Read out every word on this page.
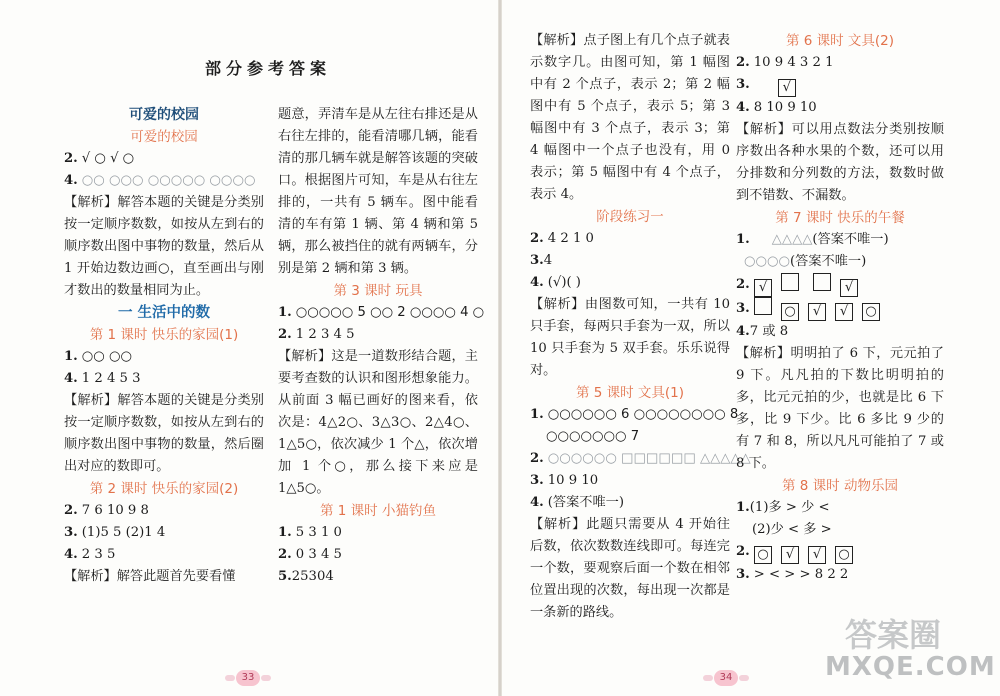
部分参考答案

可爱的校园

可爱的校园

2. √ ○ √ ○

4. ○○ ○○○ ○○○○○ ○○○○

【解析】解答本题的关键是分类别按一定顺序数数，如按从左到右的顺序数出图中事物的数量，然后从 1 开始边数边画○，直至画出与刚才数出的数量相同为止。

一 生活中的数

第 1 课时 快乐的家园(1)

1. ○○ ○○

4. 1 2 4 5 3

【解析】解答本题的关键是分类别按一定顺序数数，如按从左到右的顺序数出图中事物的数量，然后圈出对应的数即可。

第 2 课时 快乐的家园(2)

2. 7 6 10 9 8

3. (1)5 5 (2)1 4

4. 2 3 5

【解析】解答此题首先要看懂

题意，弄清车是从左往右排还是从右往左排的，能看清哪几辆，能看清的那几辆车就是解答该题的突破口。根据图片可知，车是从右往左排的，一共有 5 辆车。图中能看清的车有第 1 辆、第 4 辆和第 5 辆，那么被挡住的就有两辆车，分别是第 2 辆和第 3 辆。

第 3 课时 玩具

1. ○○○○○ 5 ○○ 2 ○○○○ 4 ○

2. 1 2 3 4 5

【解析】这是一道数形结合题，主要考查数的认识和图形想象能力。从前面 3 幅已画好的图来看，依次是：4△2○、3△3○、2△4○、1△5○，依次减少 1 个△，依次增加 1 个○，那么接下来应是 1△5○。

第 1 课时 小猫钓鱼

1. 5 3 1 0

2. 0 3 4 5

5.25304

33

【解析】点子图上有几个点子就表示数字几。由图可知，第 1 幅图中有 2 个点子，表示 2；第 2 幅图中有 5 个点子，表示 5；第 3 幅图中有 3 个点子，表示 3；第 4 幅图中一个点子也没有，用 0 表示；第 5 幅图中有 4 个点子，表示 4。

阶段练习一

2. 4 2 1 0

3.4

4. (√)( )

【解析】由图数可知，一共有 10 只手套，每两只手套为一双，所以 10 只手套为 5 双手套。乐乐说得对。

第 5 课时 文具(1)

1. ○○○○○○ 6 ○○○○○○○○ 8

○○○○○○○ 7

2. ○○○○○○ □□□□□□ △△△△△

3. 10 9 10

4. (答案不唯一)

【解析】此题只需要从 4 开始往后数，依次数数连线即可。每连完一个数，要观察后面一个数在相邻位置出现的次数，每出现一次都是一条新的路线。

第 6 课时 文具(2)

2. 10 9 4 3 2 1

3.	√

4. 8 10 9 10

【解析】可以用点数法分类别按顺序数出各种水果的个数，还可以用分排数和分列数的方法，数数时做到不错数、不漏数。

第 7 课时 快乐的午餐

1. △△△△(答案不唯一)

○○○○(答案不唯一)

2. √	√

3.	○ √ √ ○

4.7 或 8

【解析】明明拍了 6 下，元元拍了 9 下。凡凡拍的下数比明明拍的多，比元元拍的少，也就是比 6 下多，比 9 下少。比 6 多比 9 少的有 7 和 8，所以凡凡可能拍了 7 或 8 下。

第 8 课时 动物乐园

1.(1)多 > 少 <

(2)少 < 多 >

2. ○ √ √ ○

3. > < > > 8 2 2

34
答案圈
MXQE.COM
